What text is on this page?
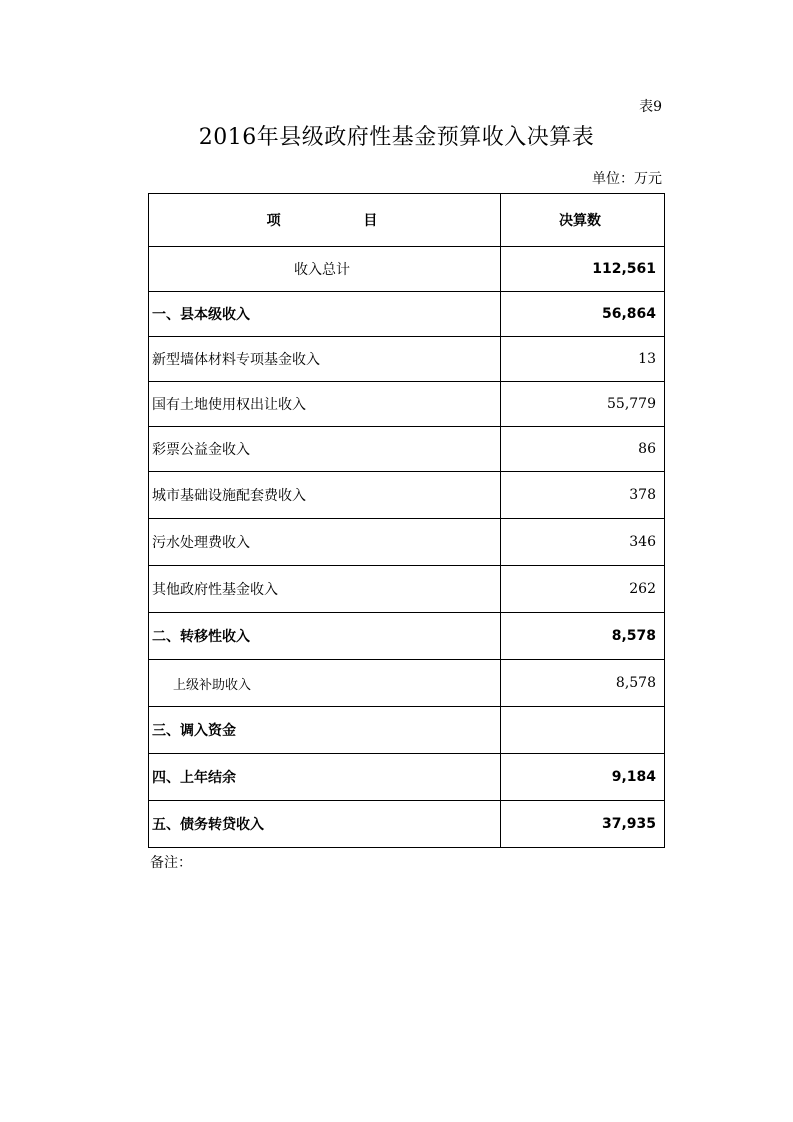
表9
2016年县级政府性基金预算收入决算表
单位：万元
项 目	决算数
收入总计	112,561
一、县本级收入	56,864
新型墙体材料专项基金收入	13
国有土地使用权出让收入	55,779
彩票公益金收入	86
城市基础设施配套费收入	378
污水处理费收入	346
其他政府性基金收入	262
二、转移性收入	8,578
上级补助收入	8,578
三、调入资金	
四、上年结余	9,184
五、债务转贷收入	37,935
备注：
